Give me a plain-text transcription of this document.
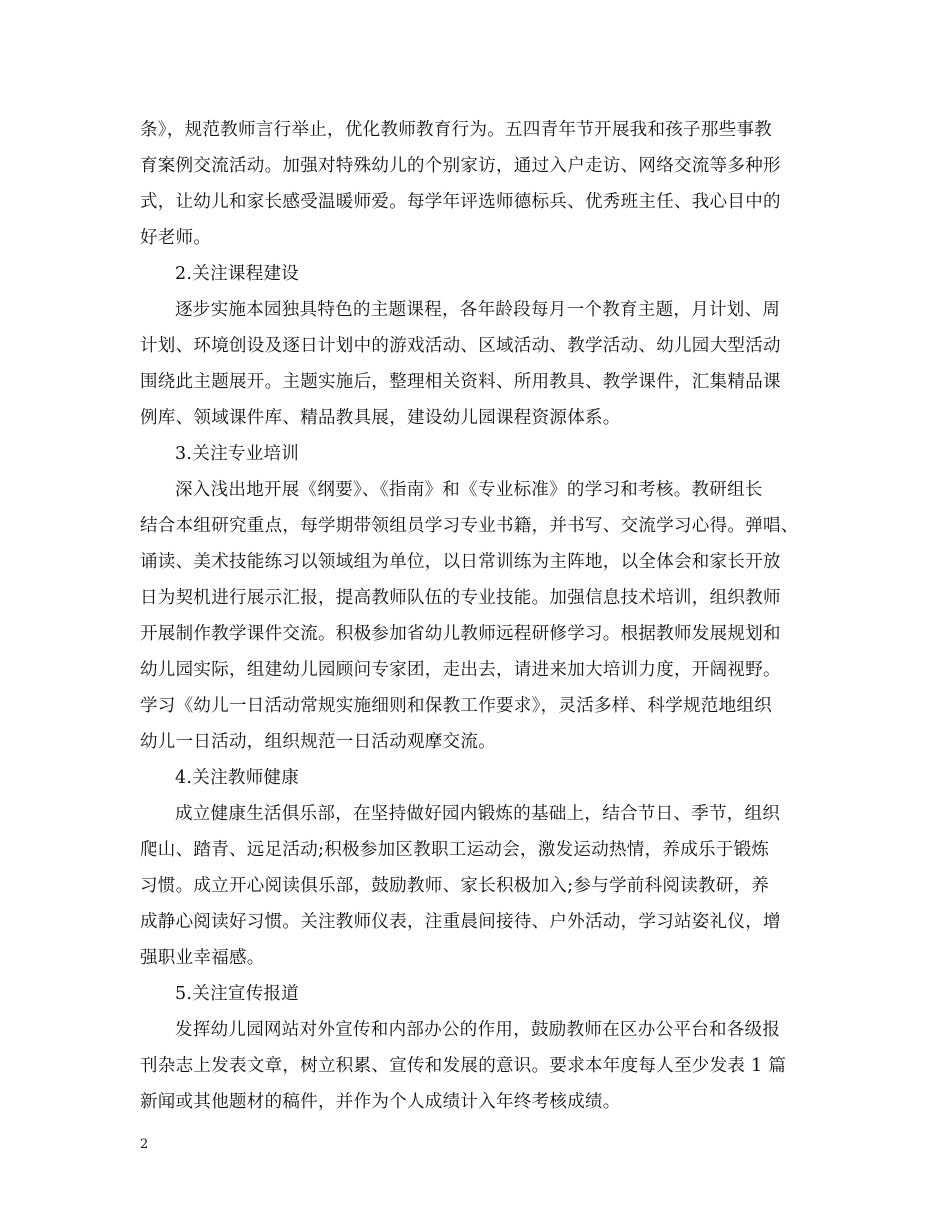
条》，规范教师言行举止，优化教师教育行为。五四青年节开展我和孩子那些事教
育案例交流活动。加强对特殊幼儿的个别家访，通过入户走访、网络交流等多种形
式，让幼儿和家长感受温暖师爱。每学年评选师德标兵、优秀班主任、我心目中的
好老师。
2.关注课程建设
逐步实施本园独具特色的主题课程，各年龄段每月一个教育主题，月计划、周
计划、环境创设及逐日计划中的游戏活动、区域活动、教学活动、幼儿园大型活动
围绕此主题展开。主题实施后，整理相关资料、所用教具、教学课件，汇集精品课
例库、领域课件库、精品教具展，建设幼儿园课程资源体系。
3.关注专业培训
深入浅出地开展《纲要》、《指南》和《专业标准》的学习和考核。教研组长
结合本组研究重点，每学期带领组员学习专业书籍，并书写、交流学习心得。弹唱、
诵读、美术技能练习以领域组为单位，以日常训练为主阵地，以全体会和家长开放
日为契机进行展示汇报，提高教师队伍的专业技能。加强信息技术培训，组织教师
开展制作教学课件交流。积极参加省幼儿教师远程研修学习。根据教师发展规划和
幼儿园实际，组建幼儿园顾问专家团，走出去，请进来加大培训力度，开阔视野。
学习《幼儿一日活动常规实施细则和保教工作要求》，灵活多样、科学规范地组织
幼儿一日活动，组织规范一日活动观摩交流。
4.关注教师健康
成立健康生活俱乐部，在坚持做好园内锻炼的基础上，结合节日、季节，组织
爬山、踏青、远足活动;积极参加区教职工运动会，激发运动热情，养成乐于锻炼
习惯。成立开心阅读俱乐部，鼓励教师、家长积极加入;参与学前科阅读教研，养
成静心阅读好习惯。关注教师仪表，注重晨间接待、户外活动，学习站姿礼仪，增
强职业幸福感。
5.关注宣传报道
发挥幼儿园网站对外宣传和内部办公的作用，鼓励教师在区办公平台和各级报
刊杂志上发表文章，树立积累、宣传和发展的意识。要求本年度每人至少发表 1 篇
新闻或其他题材的稿件，并作为个人成绩计入年终考核成绩。
2
